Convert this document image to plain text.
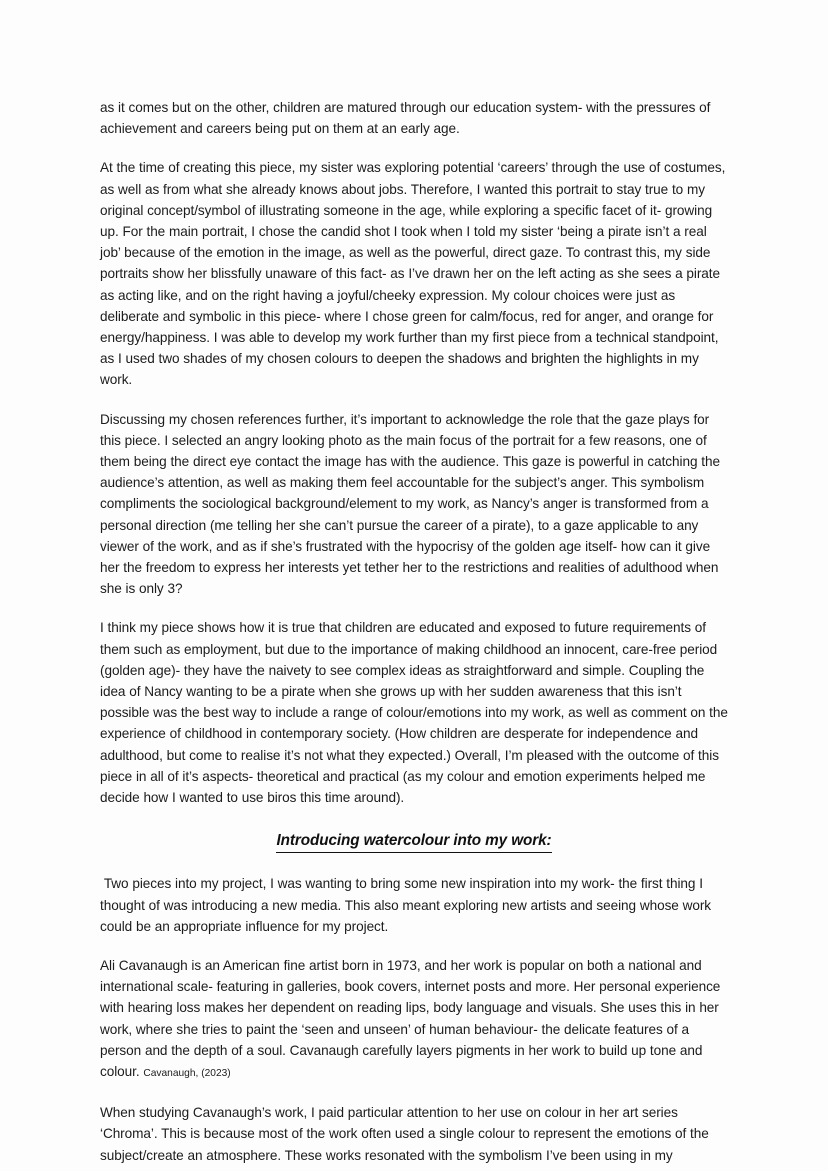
as it comes but on the other, children are matured through our education system- with the pressures of achievement and careers being put on them at an early age.

At the time of creating this piece, my sister was exploring potential ‘careers’ through the use of costumes, as well as from what she already knows about jobs. Therefore, I wanted this portrait to stay true to my original concept/symbol of illustrating someone in the age, while exploring a specific facet of it- growing up. For the main portrait, I chose the candid shot I took when I told my sister ‘being a pirate isn’t a real job’ because of the emotion in the image, as well as the powerful, direct gaze. To contrast this, my side portraits show her blissfully unaware of this fact- as I’ve drawn her on the left acting as she sees a pirate as acting like, and on the right having a joyful/cheeky expression. My colour choices were just as deliberate and symbolic in this piece- where I chose green for calm/focus, red for anger, and orange for energy/happiness. I was able to develop my work further than my first piece from a technical standpoint, as I used two shades of my chosen colours to deepen the shadows and brighten the highlights in my work.

Discussing my chosen references further, it’s important to acknowledge the role that the gaze plays for this piece. I selected an angry looking photo as the main focus of the portrait for a few reasons, one of them being the direct eye contact the image has with the audience. This gaze is powerful in catching the audience’s attention, as well as making them feel accountable for the subject’s anger. This symbolism compliments the sociological background/element to my work, as Nancy’s anger is transformed from a personal direction (me telling her she can’t pursue the career of a pirate), to a gaze applicable to any viewer of the work, and as if she’s frustrated with the hypocrisy of the golden age itself- how can it give her the freedom to express her interests yet tether her to the restrictions and realities of adulthood when she is only 3?

I think my piece shows how it is true that children are educated and exposed to future requirements of them such as employment, but due to the importance of making childhood an innocent, care-free period (golden age)- they have the naivety to see complex ideas as straightforward and simple. Coupling the idea of Nancy wanting to be a pirate when she grows up with her sudden awareness that this isn’t possible was the best way to include a range of colour/emotions into my work, as well as comment on the experience of childhood in contemporary society. (How children are desperate for independence and adulthood, but come to realise it’s not what they expected.) Overall, I’m pleased with the outcome of this piece in all of it’s aspects- theoretical and practical (as my colour and emotion experiments helped me decide how I wanted to use biros this time around).

Introducing watercolour into my work:

Two pieces into my project, I was wanting to bring some new inspiration into my work- the first thing I thought of was introducing a new media. This also meant exploring new artists and seeing whose work could be an appropriate influence for my project.

Ali Cavanaugh is an American fine artist born in 1973, and her work is popular on both a national and international scale- featuring in galleries, book covers, internet posts and more. Her personal experience with hearing loss makes her dependent on reading lips, body language and visuals. She uses this in her work, where she tries to paint the ‘seen and unseen’ of human behaviour- the delicate features of a person and the depth of a soul. Cavanaugh carefully layers pigments in her work to build up tone and colour. Cavanaugh, (2023)

When studying Cavanaugh’s work, I paid particular attention to her use on colour in her art series ‘Chroma’. This is because most of the work often used a single colour to represent the emotions of the subject/create an atmosphere. These works resonated with the symbolism I’ve been using in my
